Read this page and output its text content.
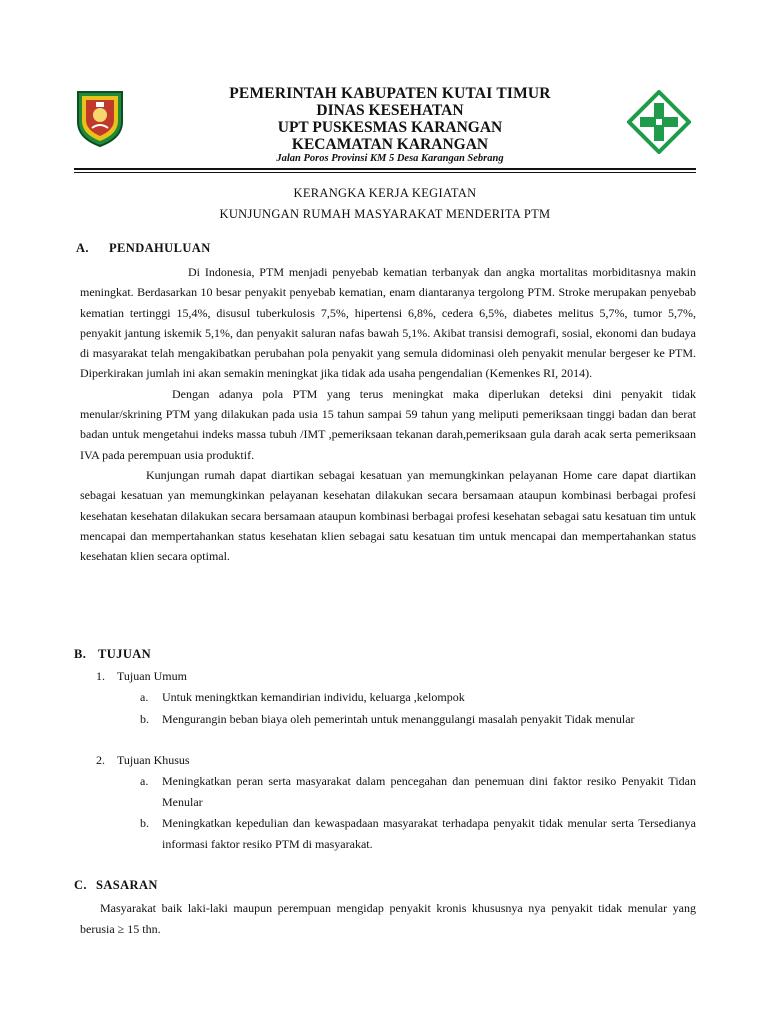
PEMERINTAH KABUPATEN KUTAI TIMUR
DINAS KESEHATAN
UPT PUSKESMAS KARANGAN
KECAMATAN KARANGAN
Jalan Poros Provinsi KM 5 Desa Karangan Sebrang
KERANGKA KERJA KEGIATAN
KUNJUNGAN RUMAH MASYARAKAT MENDERITA PTM
A. PENDAHULUAN

Di Indonesia, PTM menjadi penyebab kematian terbanyak dan angka mortalitas morbiditasnya makin meningkat. Berdasarkan 10 besar penyakit penyebab kematian, enam diantaranya tergolong PTM. Stroke merupakan penyebab kematian tertinggi 15,4%, disusul tuberkulosis 7,5%, hipertensi 6,8%, cedera 6,5%, diabetes melitus 5,7%, tumor 5,7%, penyakit jantung iskemik 5,1%, dan penyakit saluran nafas bawah 5,1%. Akibat transisi demografi, sosial, ekonomi dan budaya di masyarakat telah mengakibatkan perubahan pola penyakit yang semula didominasi oleh penyakit menular bergeser ke PTM. Diperkirakan jumlah ini akan semakin meningkat jika tidak ada usaha pengendalian (Kemenkes RI, 2014).

Dengan adanya pola PTM yang terus meningkat maka diperlukan deteksi dini penyakit tidak menular/skrining PTM yang dilakukan pada usia 15 tahun sampai 59 tahun yang meliputi pemeriksaan tinggi badan dan berat badan untuk mengetahui indeks massa tubuh /IMT ,pemeriksaan tekanan darah,pemeriksaan gula darah acak serta pemeriksaan IVA pada perempuan usia produktif.

Kunjungan rumah dapat diartikan sebagai kesatuan yan memungkinkan pelayanan Home care dapat diartikan sebagai kesatuan yan memungkinkan pelayanan kesehatan dilakukan secara bersamaan ataupun kombinasi berbagai profesi kesehatan kesehatan dilakukan secara bersamaan ataupun kombinasi berbagai profesi kesehatan sebagai satu kesatuan tim untuk mencapai dan mempertahankan status kesehatan klien sebagai satu kesatuan tim untuk mencapai dan mempertahankan status kesehatan klien secara optimal.

B. TUJUAN
1. Tujuan Umum
a. Untuk meningktkan kemandirian individu, keluarga ,kelompok
b. Mengurangin beban biaya oleh pemerintah untuk menanggulangi masalah penyakit Tidak menular
2. Tujuan Khusus
a. Meningkatkan peran serta masyarakat dalam pencegahan dan penemuan dini faktor resiko Penyakit Tidan Menular
b. Meningkatkan kepedulian dan kewaspadaan masyarakat terhadapa penyakit tidak menular serta Tersedianya informasi faktor resiko PTM di masyarakat.
C. SASARAN

Masyarakat baik laki-laki maupun perempuan mengidap penyakit kronis khususnya nya penyakit tidak menular yang berusia ≥ 15 thn.
